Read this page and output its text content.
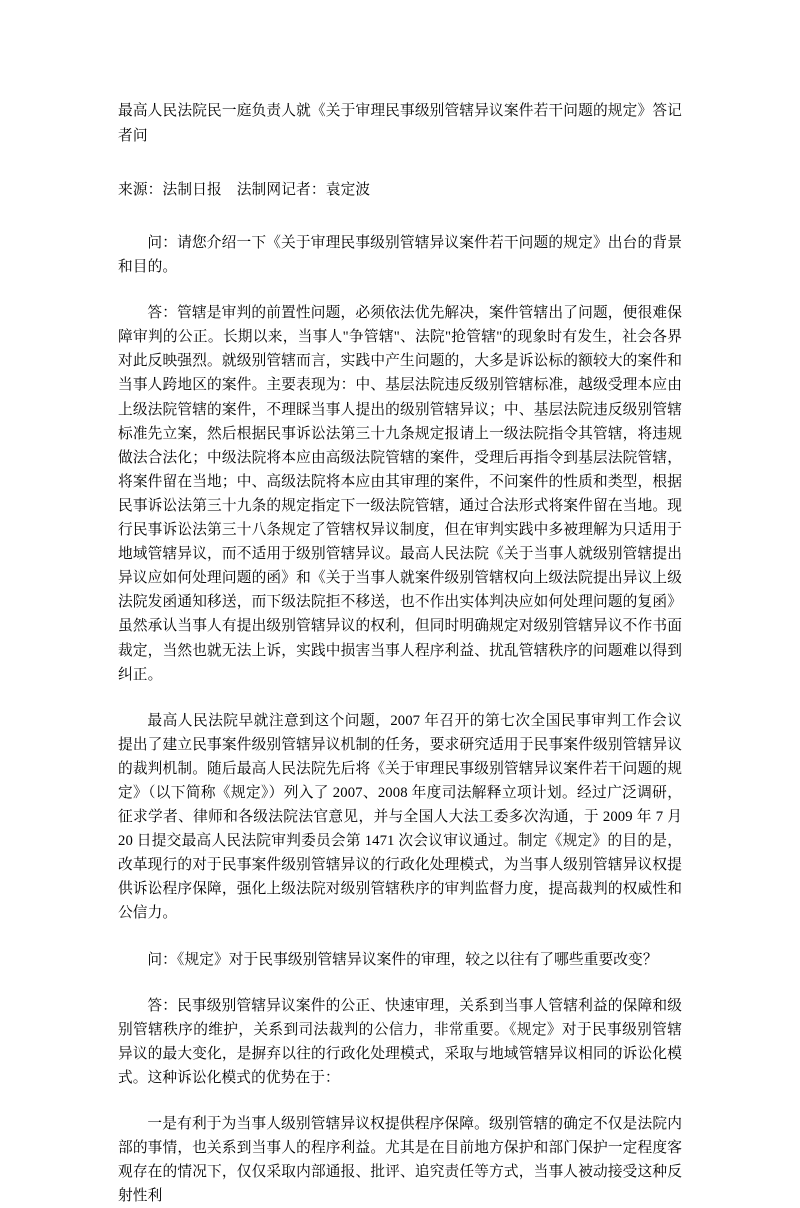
最高人民法院民一庭负责人就《关于审理民事级别管辖异议案件若干问题的规定》答记者问
来源：法制日报　法制网记者：袁定波

问：请您介绍一下《关于审理民事级别管辖异议案件若干问题的规定》出台的背景和目的。

答：管辖是审判的前置性问题，必须依法优先解决，案件管辖出了问题，便很难保障审判的公正。长期以来，当事人"争管辖"、法院"抢管辖"的现象时有发生，社会各界对此反映强烈。就级别管辖而言，实践中产生问题的，大多是诉讼标的额较大的案件和当事人跨地区的案件。主要表现为：中、基层法院违反级别管辖标准，越级受理本应由上级法院管辖的案件，不理睬当事人提出的级别管辖异议；中、基层法院违反级别管辖标准先立案，然后根据民事诉讼法第三十九条规定报请上一级法院指令其管辖，将违规做法合法化；中级法院将本应由高级法院管辖的案件，受理后再指令到基层法院管辖，将案件留在当地；中、高级法院将本应由其审理的案件，不问案件的性质和类型，根据民事诉讼法第三十九条的规定指定下一级法院管辖，通过合法形式将案件留在当地。现行民事诉讼法第三十八条规定了管辖权异议制度，但在审判实践中多被理解为只适用于地域管辖异议，而不适用于级别管辖异议。最高人民法院《关于当事人就级别管辖提出异议应如何处理问题的函》和《关于当事人就案件级别管辖权向上级法院提出异议上级法院发函通知移送，而下级法院拒不移送，也不作出实体判决应如何处理问题的复函》虽然承认当事人有提出级别管辖异议的权利，但同时明确规定对级别管辖异议不作书面裁定，当然也就无法上诉，实践中损害当事人程序利益、扰乱管辖秩序的问题难以得到纠正。

最高人民法院早就注意到这个问题，2007 年召开的第七次全国民事审判工作会议提出了建立民事案件级别管辖异议机制的任务，要求研究适用于民事案件级别管辖异议的裁判机制。随后最高人民法院先后将《关于审理民事级别管辖异议案件若干问题的规定》（以下简称《规定》）列入了 2007、2008 年度司法解释立项计划。经过广泛调研，征求学者、律师和各级法院法官意见，并与全国人大法工委多次沟通，于 2009 年 7 月 20 日提交最高人民法院审判委员会第 1471 次会议审议通过。制定《规定》的目的是，改革现行的对于民事案件级别管辖异议的行政化处理模式，为当事人级别管辖异议权提供诉讼程序保障，强化上级法院对级别管辖秩序的审判监督力度，提高裁判的权威性和公信力。

问：《规定》对于民事级别管辖异议案件的审理，较之以往有了哪些重要改变？

答：民事级别管辖异议案件的公正、快速审理，关系到当事人管辖利益的保障和级别管辖秩序的维护，关系到司法裁判的公信力，非常重要。《规定》对于民事级别管辖异议的最大变化，是摒弃以往的行政化处理模式，采取与地域管辖异议相同的诉讼化模式。这种诉讼化模式的优势在于：

一是有利于为当事人级别管辖异议权提供程序保障。级别管辖的确定不仅是法院内部的事情，也关系到当事人的程序利益。尤其是在目前地方保护和部门保护一定程度客观存在的情况下，仅仅采取内部通报、批评、追究责任等方式，当事人被动接受这种反射性利
